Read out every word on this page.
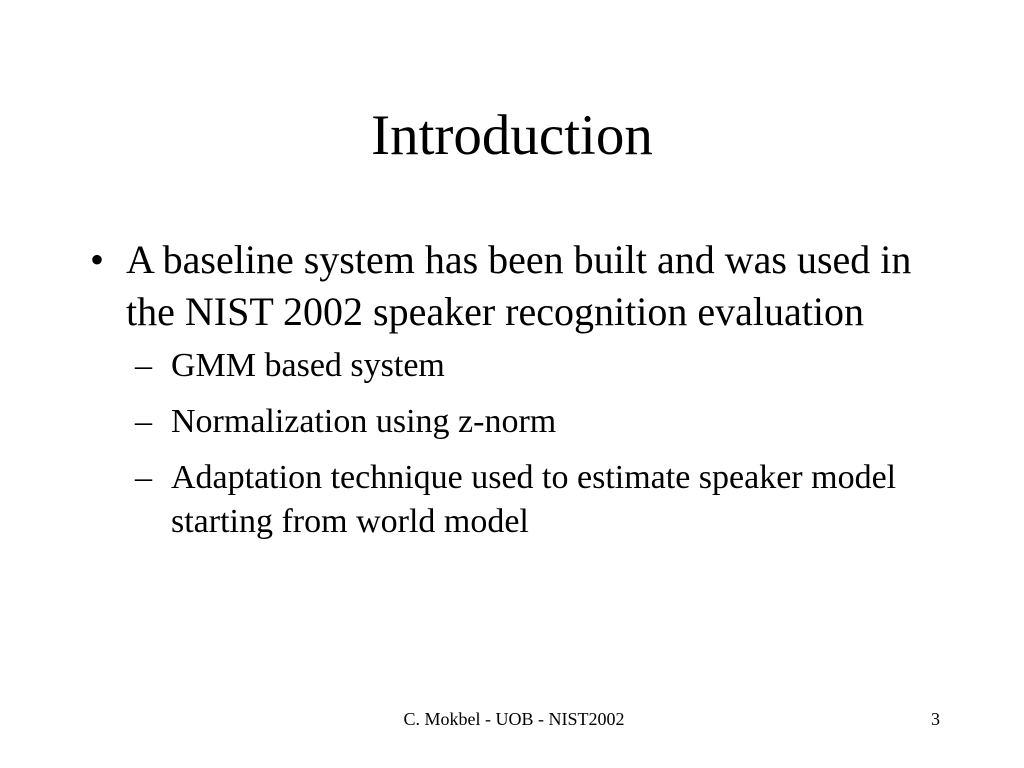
Introduction
• A baseline system has been built and was used in the NIST 2002 speaker recognition evaluation
– GMM based system
– Normalization using z-norm
– Adaptation technique used to estimate speaker model starting from world model
C. Mokbel - UOB - NIST2002	3
